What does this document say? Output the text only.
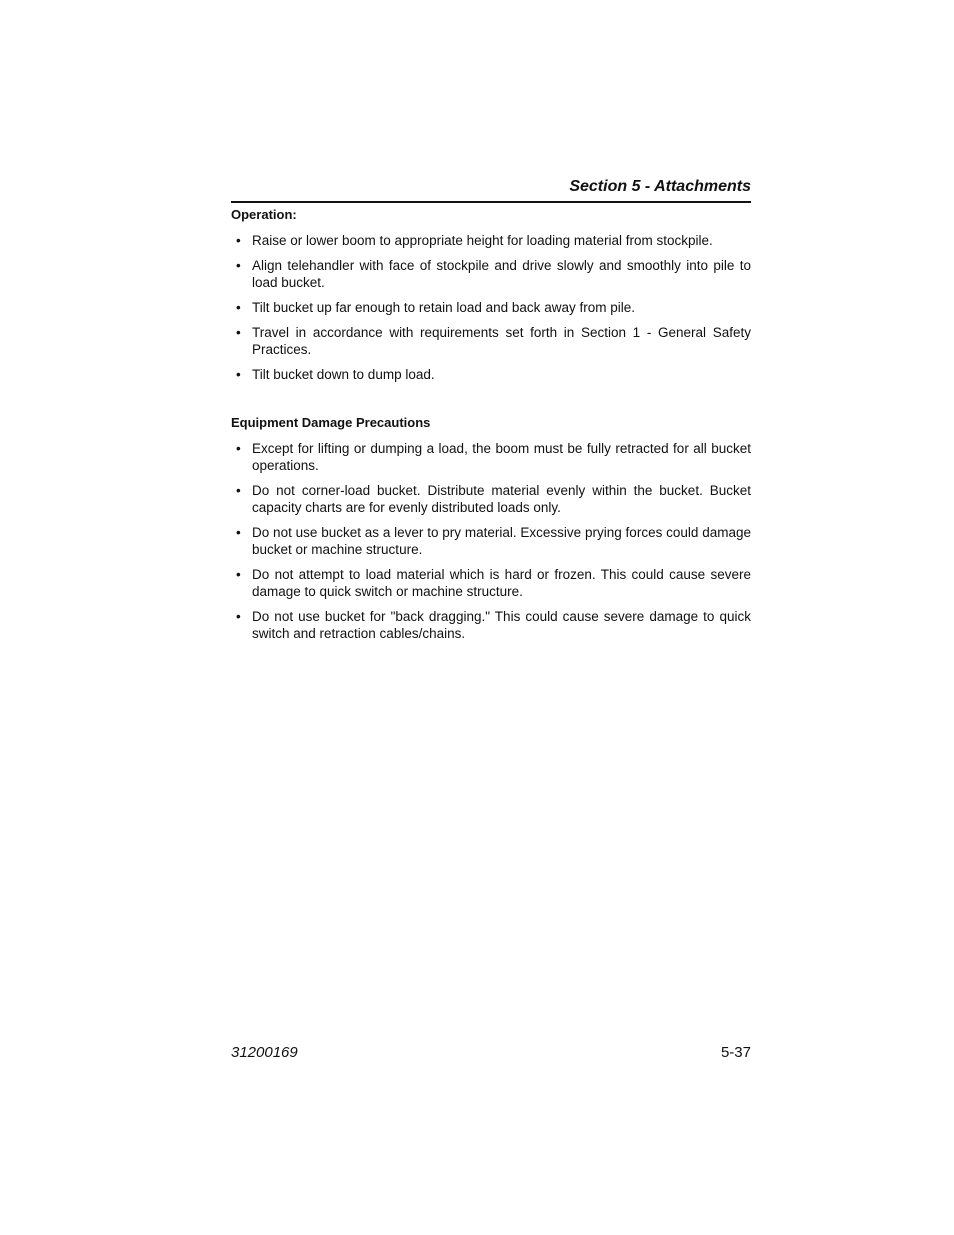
Section 5 - Attachments

Operation:

• Raise or lower boom to appropriate height for loading material from stockpile.
• Align telehandler with face of stockpile and drive slowly and smoothly into pile to load bucket.
• Tilt bucket up far enough to retain load and back away from pile.
• Travel in accordance with requirements set forth in Section 1 - General Safety Practices.
• Tilt bucket down to dump load.

Equipment Damage Precautions

• Except for lifting or dumping a load, the boom must be fully retracted for all bucket operations.
• Do not corner-load bucket. Distribute material evenly within the bucket. Bucket capacity charts are for evenly distributed loads only.
• Do not use bucket as a lever to pry material. Excessive prying forces could damage bucket or machine structure.
• Do not attempt to load material which is hard or frozen. This could cause severe damage to quick switch or machine structure.
• Do not use bucket for "back dragging." This could cause severe damage to quick switch and retraction cables/chains.
31200169	5-37
